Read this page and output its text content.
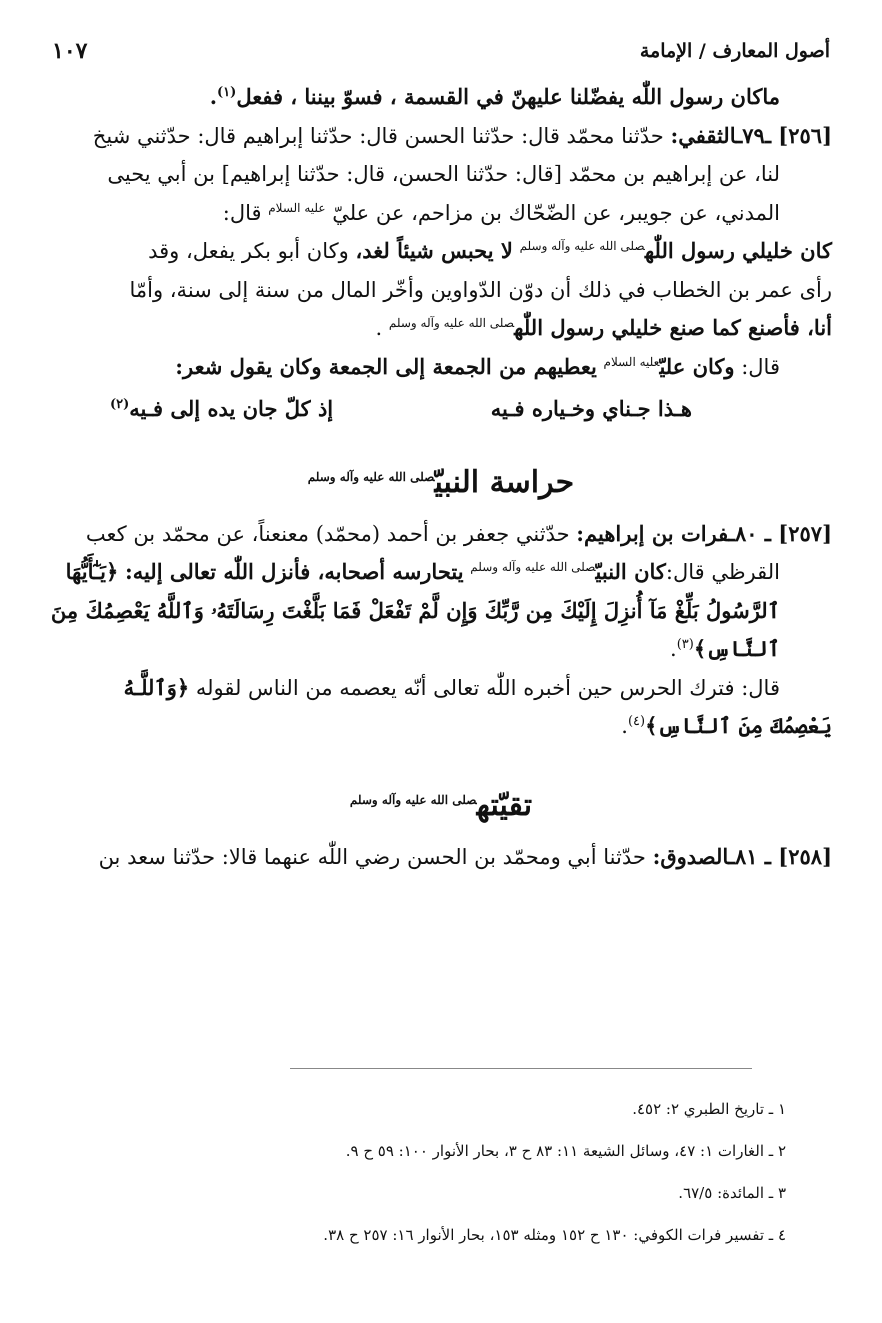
أصول المعارف / الإمامة
١٠٧

ماكان رسول اللّٰه يفضّلنا عليهنّ في القسمة ، فسوّ بيننا ، ففعل$^{(١)}$.

[٢٥٦] ـ٧٩ـالثقفي: حدّثنا محمّد قال: حدّثنا الحسن قال: حدّثنا إبراهيم قال: حدّثني شيخ

لنا، عن إبراهيم بن محمّد [قال: حدّثنا الحسن، قال: حدّثنا إبراهيم] بن أبي يحيى

المدني، عن جويبر، عن الضّحّاك بن مزاحم، عن عليّ $^{عليه السلام}$ قال:

كان خليلي رسول اللّٰه$^{صلى الله عليه وآله وسلم}$ لا يحبس شيئاً لغد، وكان أبو بكر يفعل، وقد

رأى عمر بن الخطاب في ذلك أن دوّن الدّواوين وأخّر المال من سنة إلى سنة، وأمّا

أنا، فأصنع كما صنع خليلي رسول اللّٰه$^{صلى الله عليه وآله وسلم}$ .

قال: وكان عليّ$^{عليه السلام}$ يعطيهم من الجمعة إلى الجمعة وكان يقول شعر:

هـذا جـناي وخـياره فـيه
إذ كلّ جان يده إلى فـيه$^{(٢)}$
حراسة النبيّ$^{صلى الله عليه وآله وسلم}$

[٢٥٧] ـ ٨٠ـفرات بن إبراهيم: حدّثني جعفر بن أحمد (محمّد) معنعناً، عن محمّد بن كعب

القرظي قال:كان النبيّ$^{صلى الله عليه وآله وسلم}$ يتحارسه أصحابه، فأنزل اللّٰه تعالى إليه: ﴿يَـٰٓأَيُّهَا

ٱلرَّسُولُ بَلِّغْ مَآ أُنزِلَ إِلَيْكَ مِن رَّبِّكَ وَإِن لَّمْ تَفْعَلْ فَمَا بَلَّغْتَ رِسَالَتَهُۥ وَٱللَّهُ يَعْصِمُكَ مِنَ

ٱلنَّاسِ﴾$^{(٣)}$.

قال: فترك الحرس حين أخبره اللّٰه تعالى أنّه يعصمه من الناس لقوله ﴿وَٱللَّـهُ

يَعْصِمُكَ مِنَ ٱلنَّاسِ﴾$^{(٤)}$.

تقيّته$^{صلى الله عليه وآله وسلم}$

[٢٥٨] ـ ٨١ـالصدوق: حدّثنا أبي ومحمّد بن الحسن رضي اللّٰه عنهما قالا: حدّثنا سعد بن

١ ـ تاريخ الطبري ٢: ٤٥٢.

٢ ـ الغارات ١: ٤٧، وسائل الشيعة ١١: ٨٣ ح ٣، بحار الأنوار ١٠٠: ٥٩ ح ٩.

٣ ـ المائدة: ٦٧/٥.

٤ ـ تفسير فرات الكوفي: ١٣٠ ح ١٥٢ ومثله ١٥٣، بحار الأنوار ١٦: ٢٥٧ ح ٣٨.
